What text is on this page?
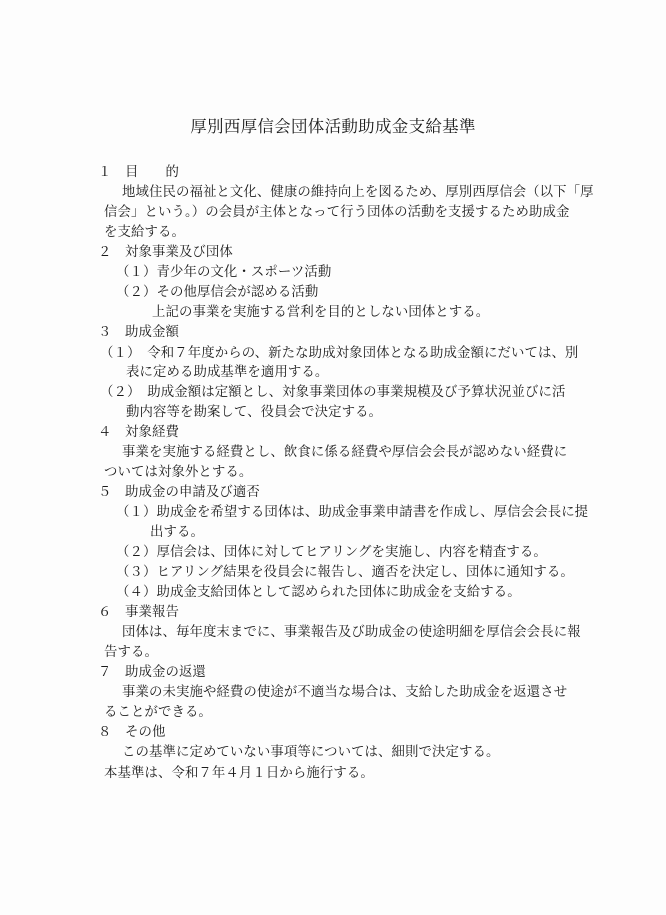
厚別西厚信会団体活動助成金支給基準
１　目　　的
地域住民の福祉と文化、健康の維持向上を図るため、厚別西厚信会（以下「厚
信会」という。）の会員が主体となって行う団体の活動を支援するため助成金
を支給する。
２　対象事業及び団体
（１）青少年の文化・スポーツ活動
（２）その他厚信会が認める活動
上記の事業を実施する営利を目的としない団体とする。
３　助成金額
（１）　令和７年度からの、新たな助成対象団体となる助成金額にだいては、別
表に定める助成基準を適用する。
（２）　助成金額は定額とし、対象事業団体の事業規模及び予算状況並びに活
動内容等を勘案して、役員会で決定する。
４　対象経費
事業を実施する経費とし、飲食に係る経費や厚信会会長が認めない経費に
ついては対象外とする。
５　助成金の申請及び適否
（１）助成金を希望する団体は、助成金事業申請書を作成し、厚信会会長に提
出する。
（２）厚信会は、団体に対してヒアリングを実施し、内容を精査する。
（３）ヒアリング結果を役員会に報告し、適否を決定し、団体に通知する。
（４）助成金支給団体として認められた団体に助成金を支給する。
６　事業報告
団体は、毎年度末までに、事業報告及び助成金の使途明細を厚信会会長に報
告する。
７　助成金の返還
事業の未実施や経費の使途が不適当な場合は、支給した助成金を返還させ
ることができる。
８　その他
この基準に定めていない事項等については、細則で決定する。
本基準は、令和７年４月１日から施行する。
